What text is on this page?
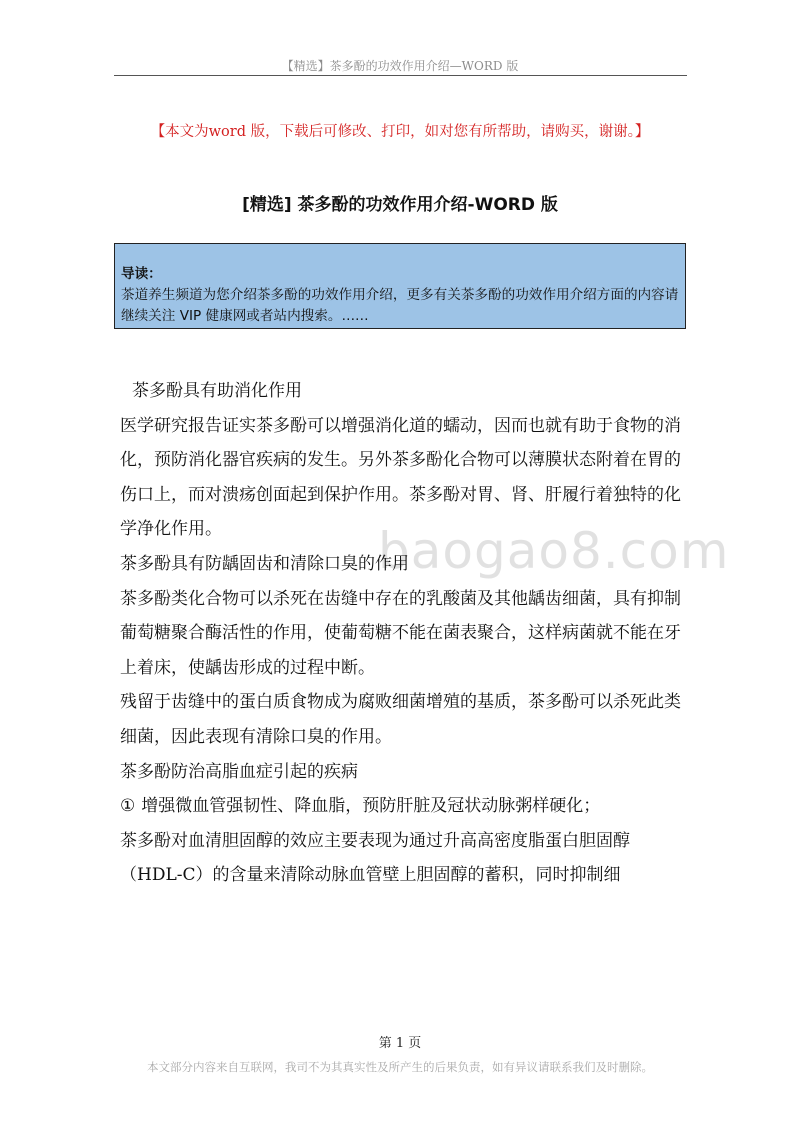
【精选】茶多酚的功效作用介绍—WORD 版
【本文为word 版，下载后可修改、打印，如对您有所帮助，请购买，谢谢。】
[精选] 茶多酚的功效作用介绍-WORD 版
导读：
茶道养生频道为您介绍茶多酚的功效作用介绍，更多有关茶多酚的功效作用介绍方面的内容请继续关注 VIP 健康网或者站内搜索。……
baogao8.com

茶多酚具有助消化作用

医学研究报告证实茶多酚可以增强消化道的蠕动，因而也就有助于食物的消化，预防消化器官疾病的发生。另外茶多酚化合物可以薄膜状态附着在胃的伤口上，而对溃疡创面起到保护作用。茶多酚对胃、肾、肝履行着独特的化学净化作用。

茶多酚具有防龋固齿和清除口臭的作用

茶多酚类化合物可以杀死在齿缝中存在的乳酸菌及其他龋齿细菌，具有抑制葡萄糖聚合酶活性的作用，使葡萄糖不能在菌表聚合，这样病菌就不能在牙上着床，使龋齿形成的过程中断。

残留于齿缝中的蛋白质食物成为腐败细菌增殖的基质，茶多酚可以杀死此类细菌，因此表现有清除口臭的作用。

茶多酚防治高脂血症引起的疾病

① 增强微血管强韧性、降血脂，预防肝脏及冠状动脉粥样硬化；

茶多酚对血清胆固醇的效应主要表现为通过升高高密度脂蛋白胆固醇（HDL-C）的含量来清除动脉血管壁上胆固醇的蓄积，同时抑制细

第 1 页
本文部分内容来自互联网，我司不为其真实性及所产生的后果负责，如有异议请联系我们及时删除。
